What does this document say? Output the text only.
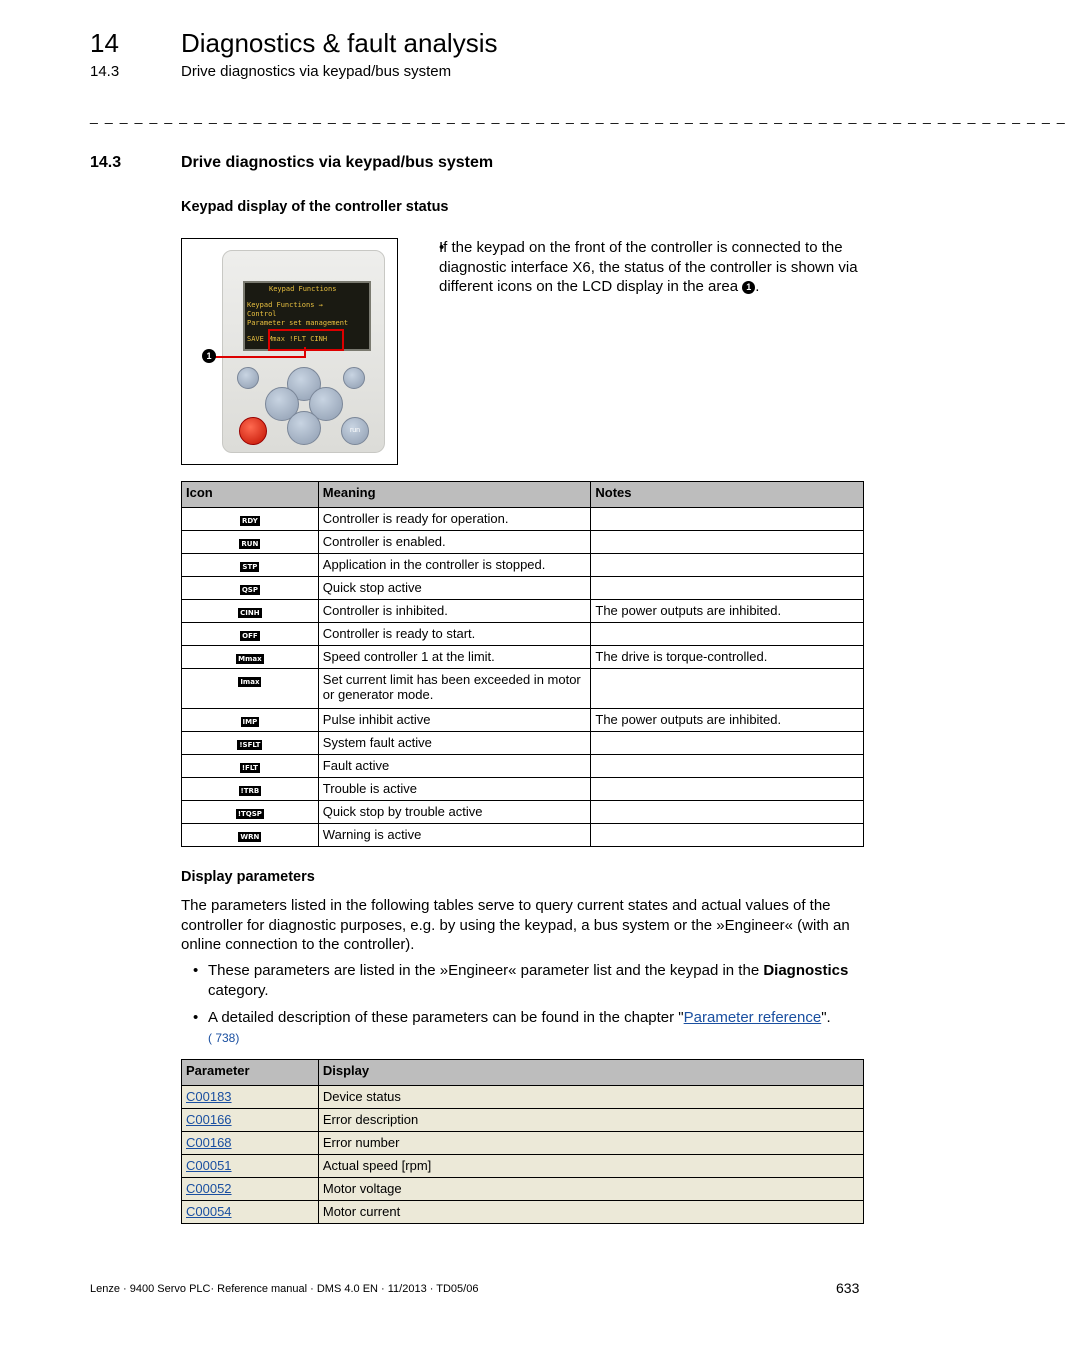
14 Diagnostics & fault analysis
14.3	Drive diagnostics via keypad/bus system
_ _ _ _ _ _ _ _ _ _ _ _ _ _ _ _ _ _ _ _ _ _ _ _ _ _ _ _ _ _ _ _ _ _ _ _ _ _ _ _ _ _ _ _ _ _ _ _ _ _ _ _ _ _ _ _ _ _ _ _ _ _ _ _ _ _
14.3	Drive diagnostics via keypad/bus system
Keypad display of the controller status
Keypad Functions
Keypad Functions →
Control
Parameter set management
SAVE Mmax !FLT CINH
run
1
• If the keypad on the front of the controller is connected to the diagnostic interface X6, the status of the controller is shown via different icons on the LCD display in the area 1 .
Icon	Meaning	Notes
RDY	Controller is ready for operation.	
RUN	Controller is enabled.	
STP	Application in the controller is stopped.	
QSP	Quick stop active	
CINH	Controller is inhibited.	The power outputs are inhibited.
OFF	Controller is ready to start.	
Mmax	Speed controller 1 at the limit.	The drive is torque-controlled.
Imax	Set current limit has been exceeded in motor or generator mode.	
IMP	Pulse inhibit active	The power outputs are inhibited.
!SFLT	System fault active	
!FLT	Fault active	
!TRB	Trouble is active	
!TQSP	Quick stop by trouble active	
WRN	Warning is active	
Display parameters
The parameters listed in the following tables serve to query current states and actual values of the controller for diagnostic purposes, e.g. by using the keypad, a bus system or the »Engineer« (with an online connection to the controller).
• These parameters are listed in the »Engineer« parameter list and the keypad in the Diagnostics category.
• A detailed description of these parameters can be found in the chapter "Parameter reference".
( 738)
Parameter	Display
C00183	Device status
C00166	Error description
C00168	Error number
C00051	Actual speed [rpm]
C00052	Motor voltage
C00054	Motor current
Lenze · 9400 Servo PLC· Reference manual · DMS 4.0 EN · 11/2013 · TD05/06	633
